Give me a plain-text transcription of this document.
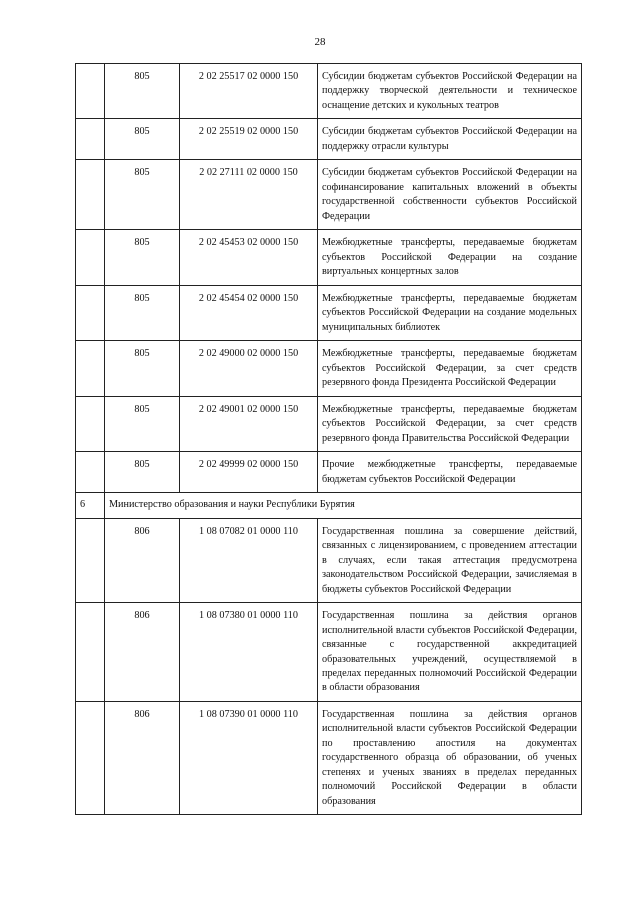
28
	805	2 02 25517 02 0000 150	Субсидии бюджетам субъектов Российской Федерации на поддержку творческой деятельности и техническое оснащение детских и кукольных театров
	805	2 02 25519 02 0000 150	Субсидии бюджетам субъектов Российской Федерации на поддержку отрасли культуры
	805	2 02 27111 02 0000 150	Субсидии бюджетам субъектов Российской Федерации на софинансирование капитальных вложений в объекты государственной собственности субъектов Российской Федерации
	805	2 02 45453 02 0000 150	Межбюджетные трансферты, передаваемые бюджетам субъектов Российской Федерации на создание виртуальных концертных залов
	805	2 02 45454 02 0000 150	Межбюджетные трансферты, передаваемые бюджетам субъектов Российской Федерации на создание модельных муниципальных библиотек
	805	2 02 49000 02 0000 150	Межбюджетные трансферты, передаваемые бюджетам субъектов Российской Федерации, за счет средств резервного фонда Президента Российской Федерации
	805	2 02 49001 02 0000 150	Межбюджетные трансферты, передаваемые бюджетам субъектов Российской Федерации, за счет средств резервного фонда Правительства Российской Федерации
	805	2 02 49999 02 0000 150	Прочие межбюджетные трансферты, передаваемые бюджетам субъектов Российской Федерации
6	Министерство образования и науки Республики Бурятия		
	806	1 08 07082 01 0000 110	Государственная пошлина за совершение действий, связанных с лицензированием, с проведением аттестации в случаях, если такая аттестация предусмотрена законодательством Российской Федерации, зачисляемая в бюджеты субъектов Российской Федерации
	806	1 08 07380 01 0000 110	Государственная пошлина за действия органов исполнительной власти субъектов Российской Федерации, связанные с государственной аккредитацией образовательных учреждений, осуществляемой в пределах переданных полномочий Российской Федерации в области образования
	806	1 08 07390 01 0000 110	Государственная пошлина за действия органов исполнительной власти субъектов Российской Федерации по проставлению апостиля на документах государственного образца об образовании, об ученых степенях и ученых званиях в пределах переданных полномочий Российской Федерации в области образования
